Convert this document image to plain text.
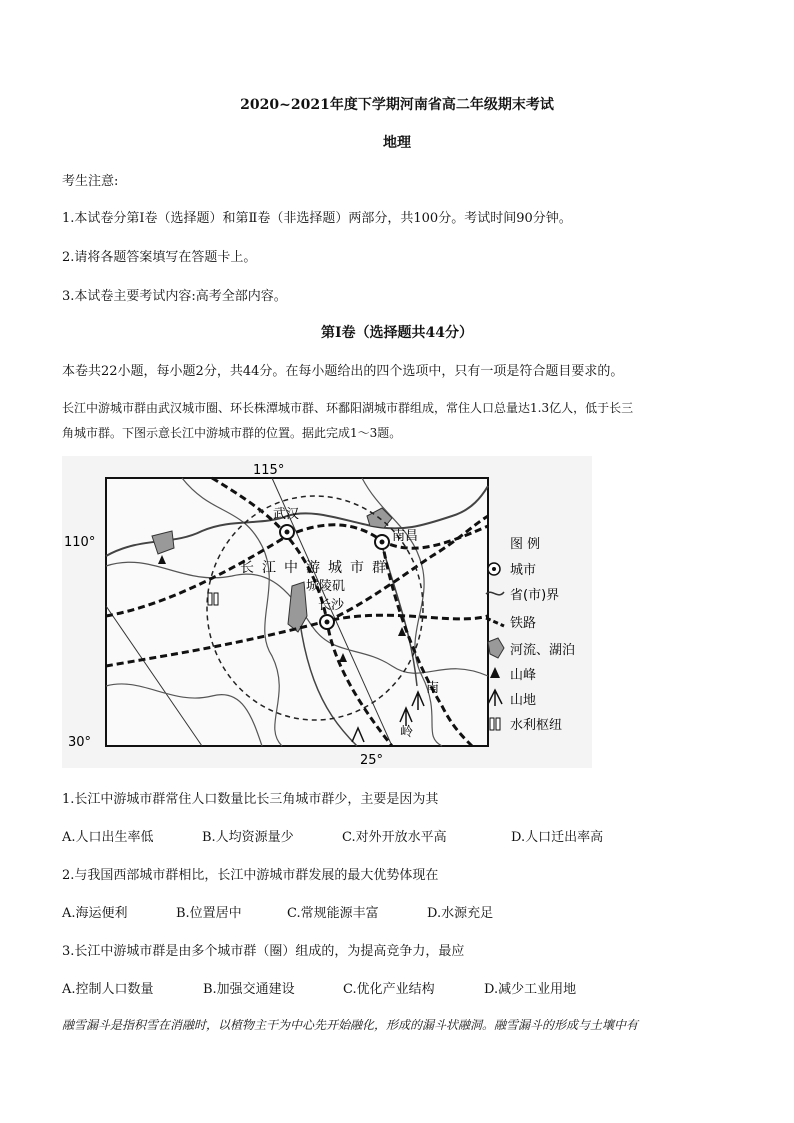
2020~2021年度下学期河南省高二年级期末考试
地理
考生注意:
1.本试卷分第Ⅰ卷（选择题）和第Ⅱ卷（非选择题）两部分，共100分。考试时间90分钟。
2.请将各题答案填写在答题卡上。
3.本试卷主要考试内容:高考全部内容。
第Ⅰ卷（选择题共44分）
本卷共22小题，每小题2分，共44分。在每小题给出的四个选项中，只有一项是符合题目要求的。
长江中游城市群由武汉城市圈、环长株潭城市群、环鄱阳湖城市群组成，常住人口总量达1.3亿人，低于长三
角城市群。下图示意长江中游城市群的位置。据此完成1～3题。
115°
25°
110°
30°
武汉
南昌
长沙
长江中游城市群
城陵矶
南
岭
图 例
城市
省(市)界
铁路
河流、湖泊
山峰
山地
水利枢纽
1.长江中游城市群常住人口数量比长三角城市群少，主要是因为其
A.人口出生率低	B.人均资源量少	C.对外开放水平高	D.人口迁出率高
2.与我国西部城市群相比，长江中游城市群发展的最大优势体现在
A.海运便利	B.位置居中	C.常规能源丰富	D.水源充足
3.长江中游城市群是由多个城市群（圈）组成的，为提高竞争力，最应
A.控制人口数量	B.加强交通建设	C.优化产业结构	D.减少工业用地
融雪漏斗是指积雪在消融时，以植物主干为中心先开始融化，形成的漏斗状融洞。融雪漏斗的形成与土壤中有
